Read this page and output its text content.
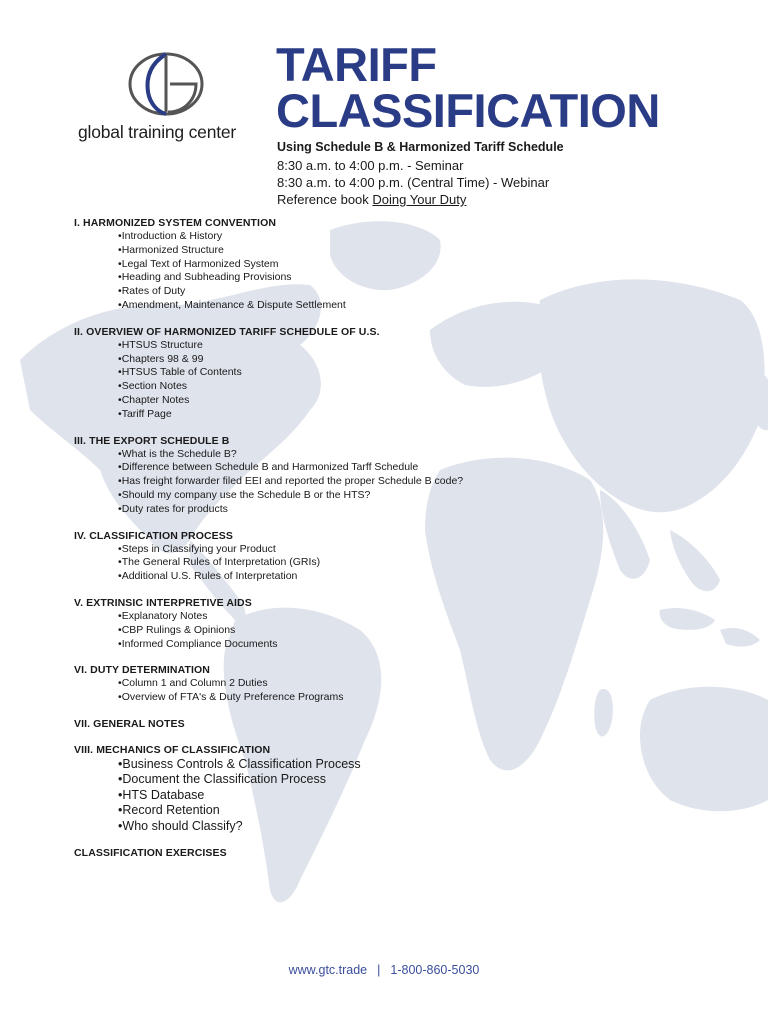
global training center
TARIFF
CLASSIFICATION
Using Schedule B & Harmonized Tariff Schedule
8:30 a.m. to 4:00 p.m. - Seminar
8:30 a.m. to 4:00 p.m. (Central Time) - Webinar
Reference book Doing Your Duty
I. HARMONIZED SYSTEM CONVENTION
• Introduction & History
• Harmonized Structure
• Legal Text of Harmonized System
• Heading and Subheading Provisions
• Rates of Duty
• Amendment, Maintenance & Dispute Settlement
II. OVERVIEW OF HARMONIZED TARIFF SCHEDULE OF U.S.
• HTSUS Structure
• Chapters 98 & 99
• HTSUS Table of Contents
• Section Notes
• Chapter Notes
• Tariff Page
III. THE EXPORT SCHEDULE B
• What is the Schedule B?
• Difference between Schedule B and Harmonized Tarff Schedule
• Has freight forwarder filed EEI and reported the proper Schedule B code?
• Should my company use the Schedule B or the HTS?
• Duty rates for products
IV. CLASSIFICATION PROCESS
• Steps in Classifying your Product
• The General Rules of Interpretation (GRIs)
• Additional U.S. Rules of Interpretation
V. EXTRINSIC INTERPRETIVE AIDS
• Explanatory Notes
• CBP Rulings & Opinions
• Informed Compliance Documents
VI. DUTY DETERMINATION
• Column 1 and Column 2 Duties
• Overview of FTA's & Duty Preference Programs
VII. GENERAL NOTES
VIII. MECHANICS OF CLASSIFICATION
• Business Controls & Classification Process
• Document the Classification Process
• HTS Database
• Record Retention
• Who should Classify?
CLASSIFICATION EXERCISES
www.gtc.trade | 1-800-860-5030
